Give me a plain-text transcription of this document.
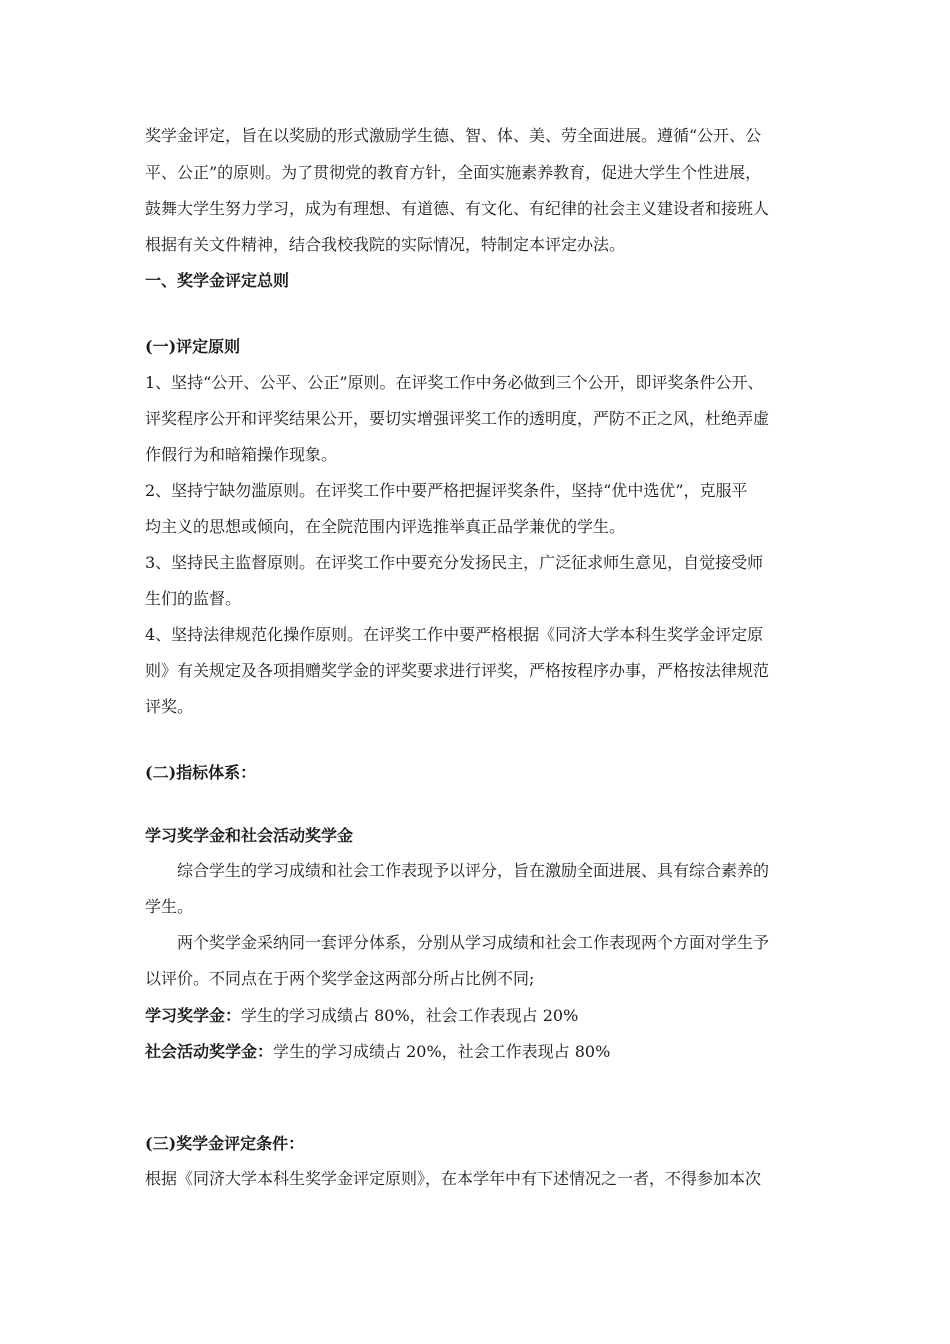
奖学金评定，旨在以奖励的形式激励学生德、智、体、美、劳全面进展。遵循“公开、公
平、公正”的原则。为了贯彻党的教育方针，全面实施素养教育，促进大学生个性进展，
鼓舞大学生努力学习，成为有理想、有道德、有文化、有纪律的社会主义建设者和接班人
根据有关文件精神，结合我校我院的实际情况，特制定本评定办法。
一、奖学金评定总则
(一)评定原则
1、坚持“公开、公平、公正”原则。在评奖工作中务必做到三个公开，即评奖条件公开、
评奖程序公开和评奖结果公开，要切实增强评奖工作的透明度，严防不正之风，杜绝弄虚
作假行为和暗箱操作现象。
2、坚持宁缺勿滥原则。在评奖工作中要严格把握评奖条件，坚持“优中选优”，克服平
均主义的思想或倾向，在全院范围内评选推举真正品学兼优的学生。
3、坚持民主监督原则。在评奖工作中要充分发扬民主，广泛征求师生意见，自觉接受师
生们的监督。
4、坚持法律规范化操作原则。在评奖工作中要严格根据《同济大学本科生奖学金评定原
则》有关规定及各项捐赠奖学金的评奖要求进行评奖，严格按程序办事，严格按法律规范
评奖。
(二)指标体系：
学习奖学金和社会活动奖学金
综合学生的学习成绩和社会工作表现予以评分，旨在激励全面进展、具有综合素养的
学生。
两个奖学金采纳同一套评分体系，分别从学习成绩和社会工作表现两个方面对学生予
以评价。不同点在于两个奖学金这两部分所占比例不同;
学习奖学金：学生的学习成绩占 80%，社会工作表现占 20%
社会活动奖学金：学生的学习成绩占 20%，社会工作表现占 80%
(三)奖学金评定条件：
根据《同济大学本科生奖学金评定原则》，在本学年中有下述情况之一者，不得参加本次
